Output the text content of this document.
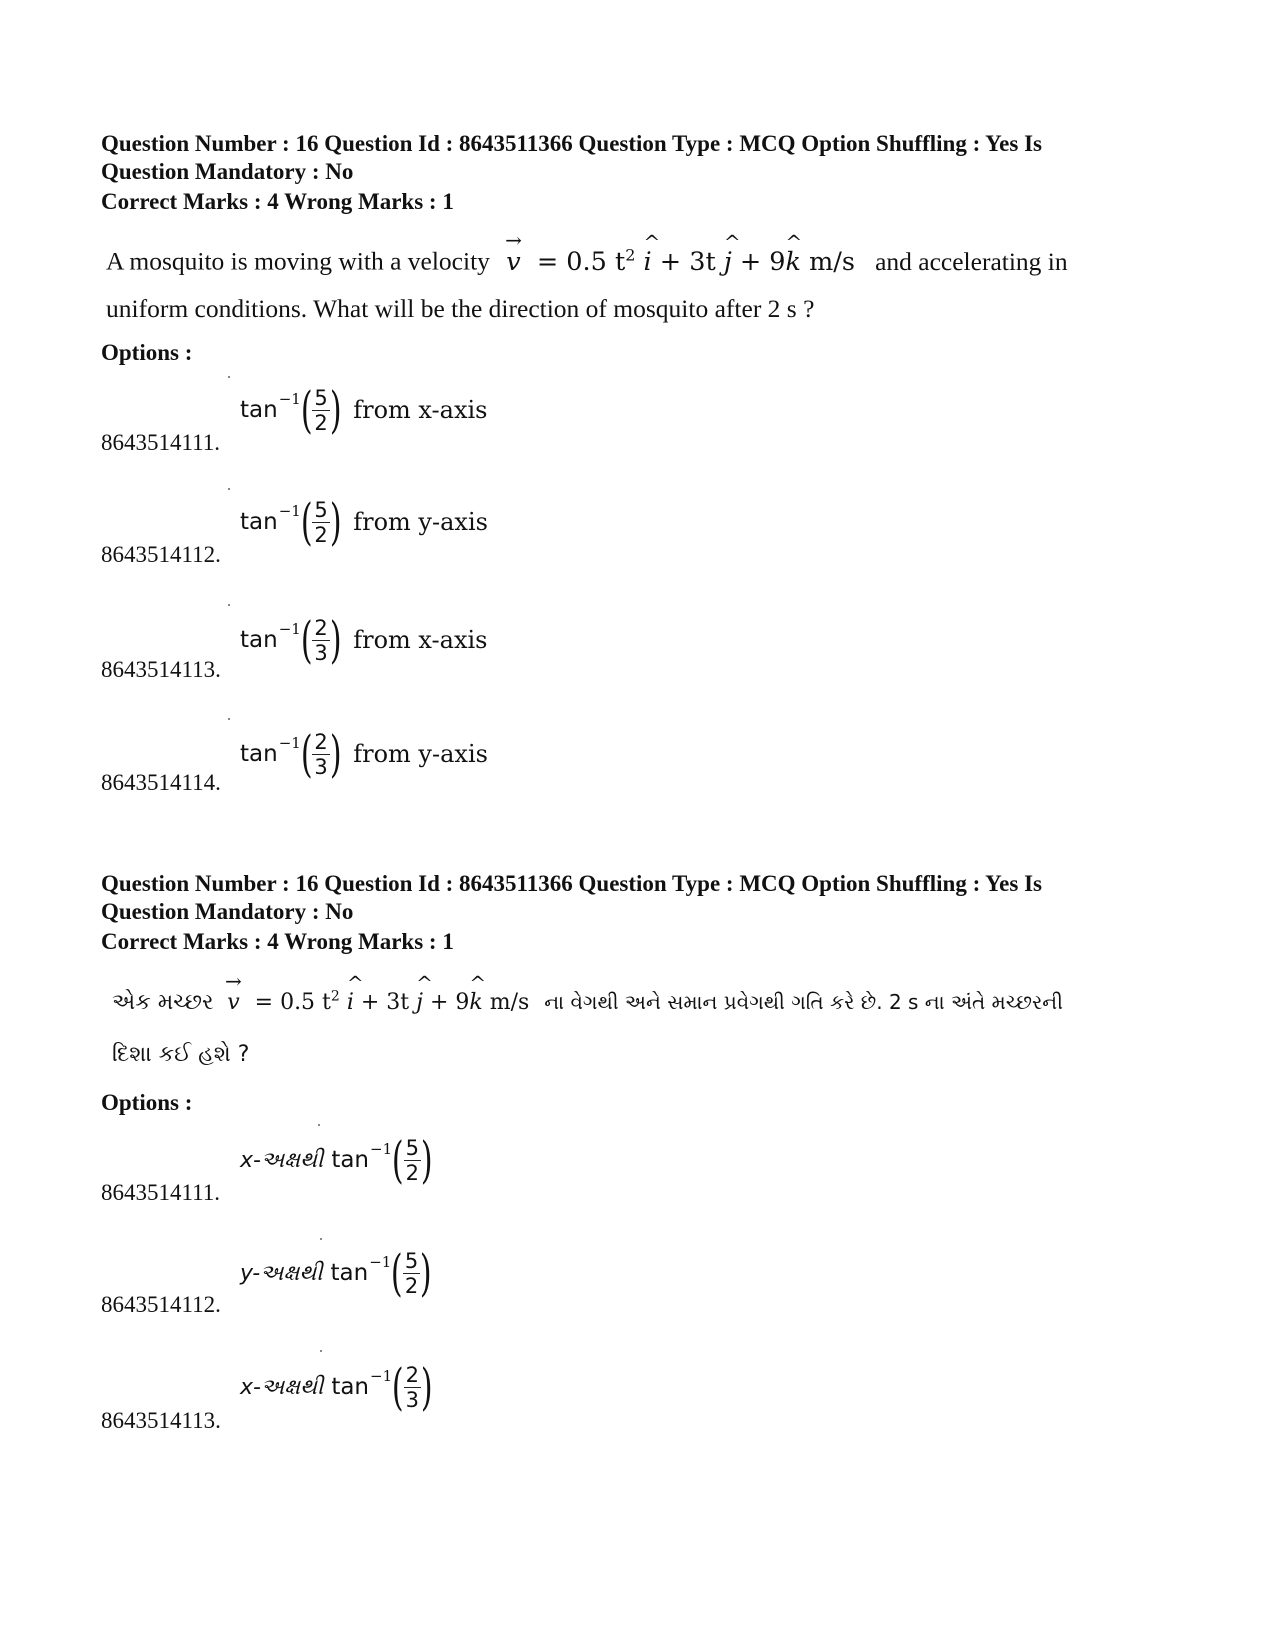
Question Number : 16 Question Id : 8643511366 Question Type : MCQ Option Shuffling : Yes Is
Question Mandatory : No
Correct Marks : 4 Wrong Marks : 1
A mosquito is moving with a velocity → v = 0.5 $t^2$ ^ i + 3t ^ j + 9^ k m/s and accelerating in
uniform conditions. What will be the direction of mosquito after 2 s ?
Options :
tan −1 ( $\frac{5}{2}$ ) from x-axis
8643514111.
tan −1 ( $\frac{5}{2}$ ) from y-axis
8643514112.
tan −1 ( $\frac{2}{3}$ ) from x-axis
8643514113.
tan −1 ( $\frac{2}{3}$ ) from y-axis
8643514114.
Question Number : 16 Question Id : 8643511366 Question Type : MCQ Option Shuffling : Yes Is
Question Mandatory : No
Correct Marks : 4 Wrong Marks : 1
એક મચ્છર → v = 0.5 $t^2$ ^ i + 3t ^ j + 9^ k m/s ના વેગથી અને સમાન પ્રવેગથી ગતિ કરે છે. 2 s ના અંતે મચ્છરની
દિશા કઈ હશે ?
Options :
x-અક્ષથી tan −1 ( $\frac{5}{2}$ )
8643514111.
y-અક્ષથી tan −1 ( $\frac{5}{2}$ )
8643514112.
x-અક્ષથી tan −1 ( $\frac{2}{3}$ )
8643514113.
